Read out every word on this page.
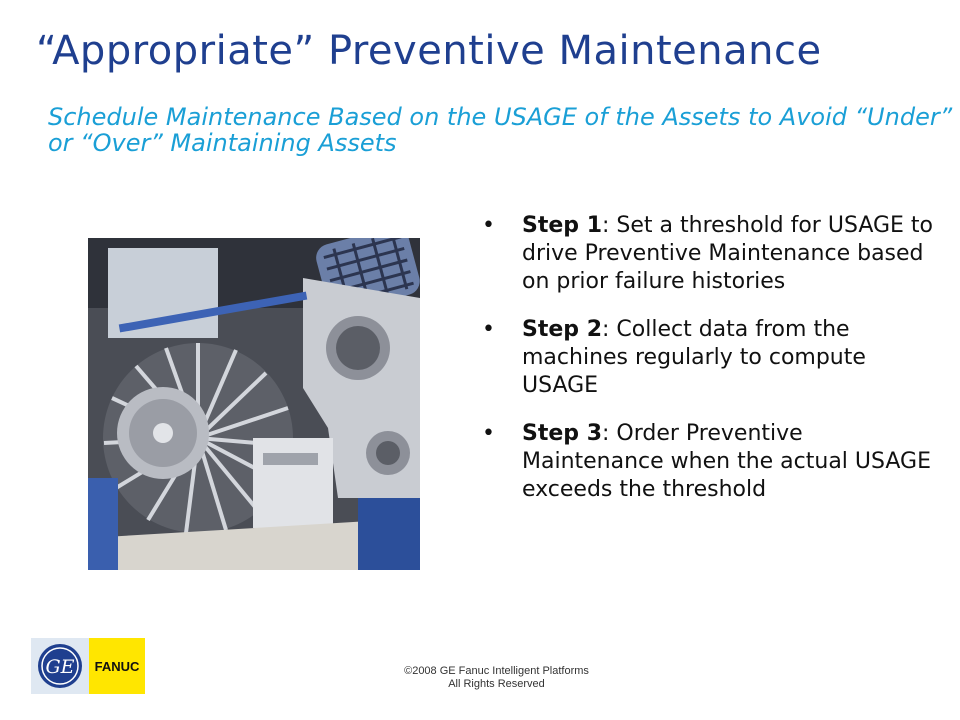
“Appropriate” Preventive Maintenance
Schedule Maintenance Based on the USAGE of the Assets to Avoid “Under” or “Over” Maintaining Assets
• Step 1: Set a threshold for USAGE to drive Preventive Maintenance based on prior failure histories
• Step 2: Collect data from the machines regularly to compute USAGE
• Step 3: Order Preventive Maintenance when the actual USAGE exceeds the threshold
GE	FANUC	©2008 GE Fanuc Intelligent Platforms
All Rights Reserved
